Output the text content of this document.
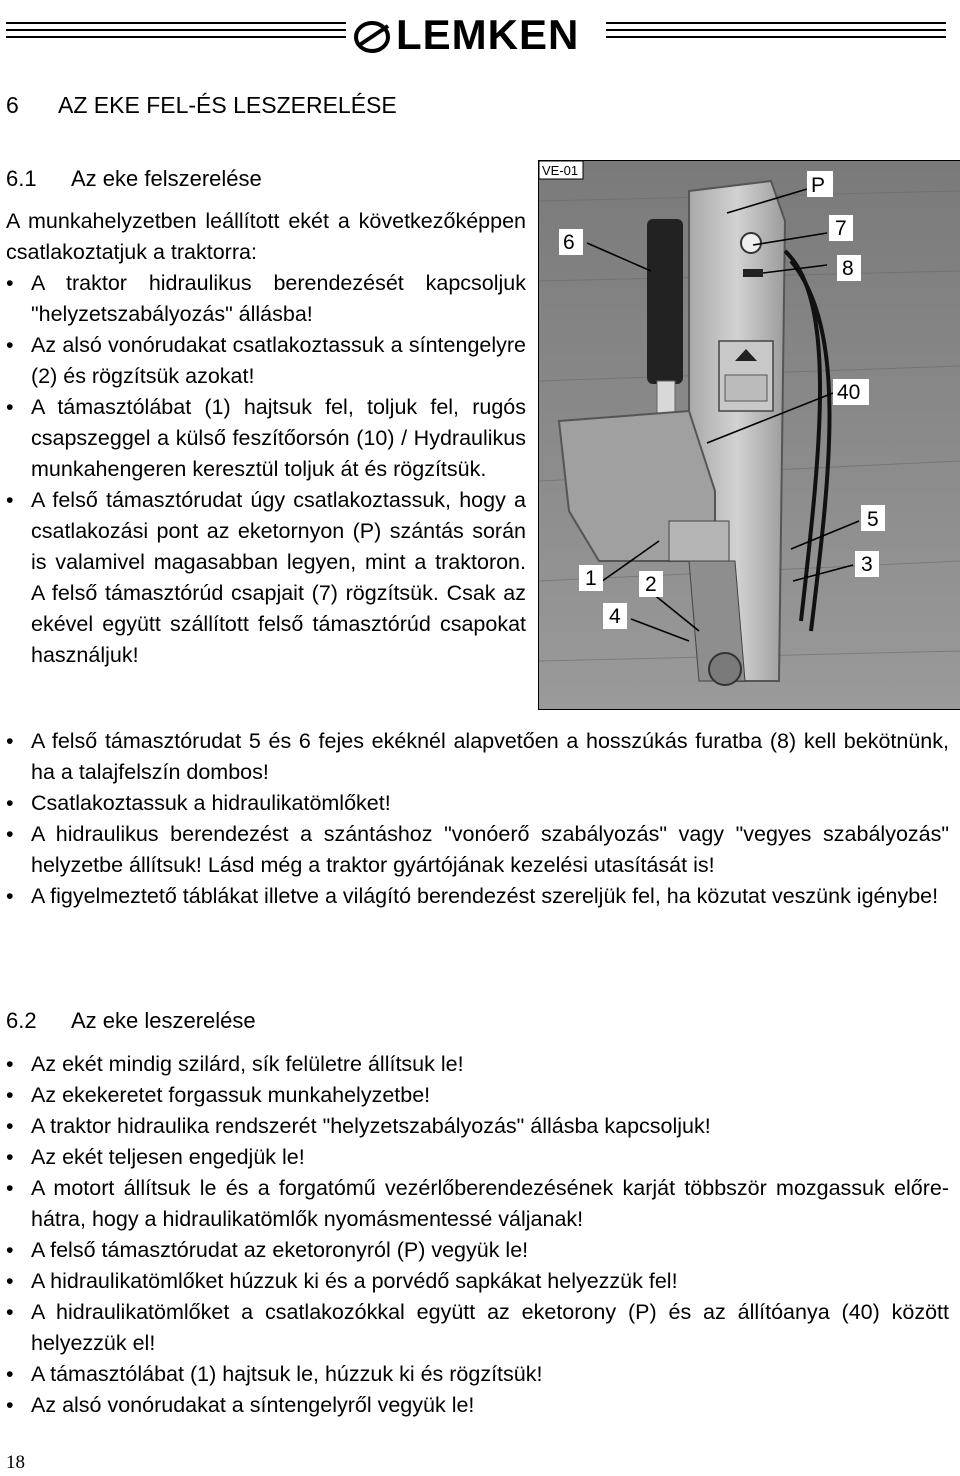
LEMKEN
6 AZ EKE FEL-ÉS LESZERELÉSE
6.1 Az eke felszerelése
A munkahelyzetben leállított ekét a következőképpen csatlakoztatjuk a traktorra:
• A traktor hidraulikus berendezését kapcsoljuk "helyzetszabályozás" állásba!
• Az alsó vonórudakat csatlakoztassuk a síntengelyre (2) és rögzítsük azokat!
• A támasztólábat (1) hajtsuk fel, toljuk fel, rugós csapszeggel a külső feszítőorsón (10) / Hydraulikus munkahengeren keresztül toljuk át és rögzítsük.
• A felső támasztórudat úgy csatlakoztassuk, hogy a csatlakozási pont az eketornyon (P) szántás során is valamivel magasabban legyen, mint a traktoron. A felső támasztórúd csapjait (7) rögzítsük. Csak az ekével együtt szállított felső támasztórúd csapokat használjuk!
• A felső támasztórudat 5 és 6 fejes ekéknél alapvetően a hosszúkás furatba (8) kell bekötnünk, ha a talajfelszín dombos!
• Csatlakoztassuk a hidraulikatömlőket!
• A hidraulikus berendezést a szántáshoz "vonóerő szabályozás" vagy "vegyes szabályozás" helyzetbe állítsuk! Lásd még a traktor gyártójának kezelési utasítását is!
• A figyelmeztető táblákat illetve a világító berendezést szereljük fel, ha közutat veszünk igénybe!
VE-01
P
6
7
8
40
5
3
1 2
4
6.2 Az eke leszerelése
• Az ekét mindig szilárd, sík felületre állítsuk le!
• Az ekekeretet forgassuk munkahelyzetbe!
• A traktor hidraulika rendszerét "helyzetszabályozás" állásba kapcsoljuk!
• Az ekét teljesen engedjük le!
• A motort állítsuk le és a forgatómű vezérlőberendezésének karját többször mozgassuk előre-hátra, hogy a hidraulikatömlők nyomásmentessé váljanak!
• A felső támasztórudat az eketoronyról (P) vegyük le!
• A hidraulikatömlőket húzzuk ki és a porvédő sapkákat helyezzük fel!
• A hidraulikatömlőket a csatlakozókkal együtt az eketorony (P) és az állítóanya (40) között helyezzük el!
• A támasztólábat (1) hajtsuk le, húzzuk ki és rögzítsük!
• Az alsó vonórudakat a síntengelyről vegyük le!
18
